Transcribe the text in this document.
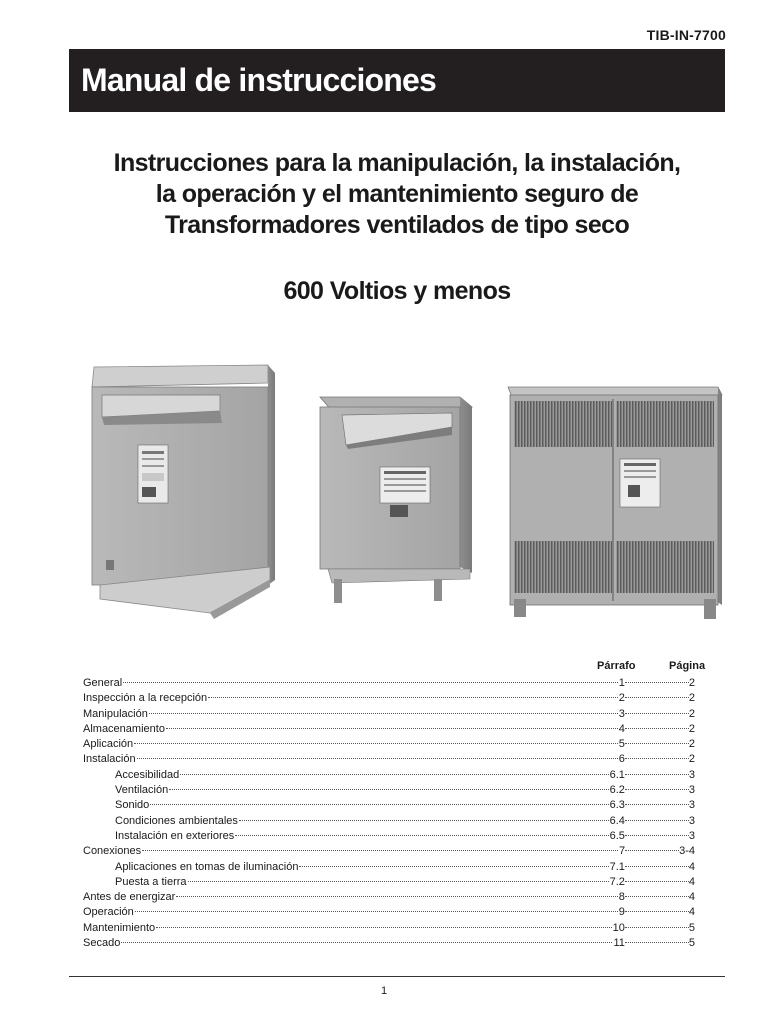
TIB-IN-7700
Manual de instrucciones
Instrucciones para la manipulación, la instalación,
la operación y el mantenimiento seguro de
Transformadores ventilados de tipo seco
600 Voltios y menos
Párrafo	Página
General	1	2
Inspección a la recepción	2	2
Manipulación	3	2
Almacenamiento	4	2
Aplicación	5	2
Instalación	6	2
Accesibilidad	6.1	3
Ventilación	6.2	3
Sonido	6.3	3
Condiciones ambientales	6.4	3
Instalación en exteriores	6.5	3
Conexiones	7	3-4
Aplicaciones en tomas de iluminación	7.1	4
Puesta a tierra	7.2	4
Antes de energizar	8	4
Operación	9	4
Mantenimiento	10	5
Secado	11	5
1
